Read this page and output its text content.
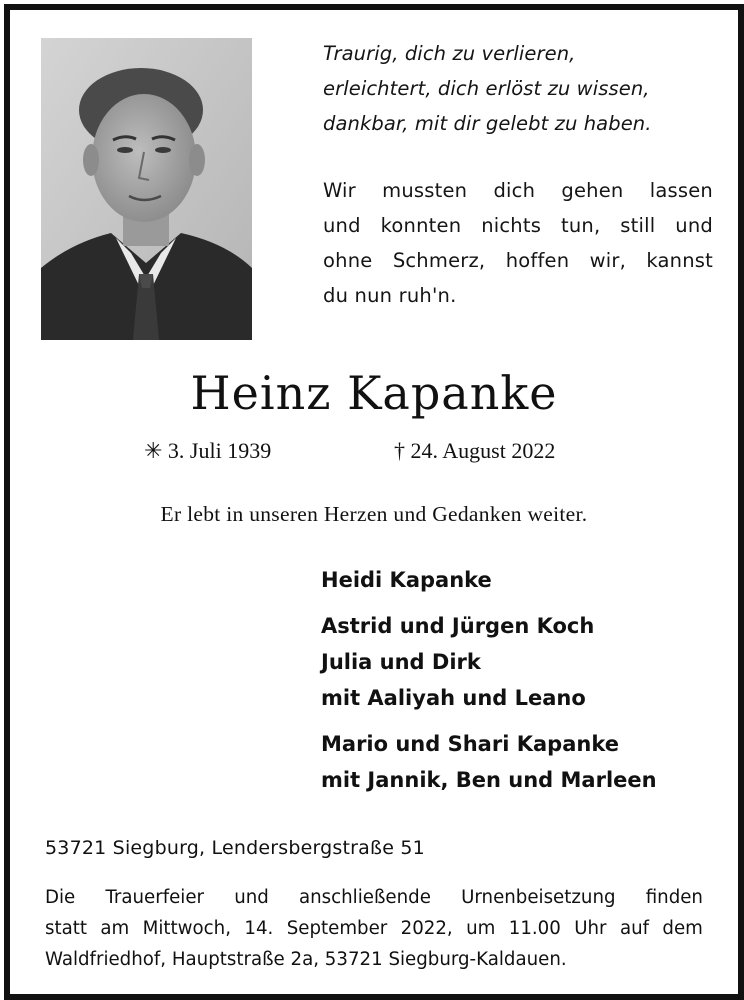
Traurig, dich zu verlieren,
erleichtert, dich erlöst zu wissen,
dankbar, mit dir gelebt zu haben.
Wir mussten dich gehen lassen
und konnten nichts tun, still und
ohne Schmerz, hoffen wir, kannst
du nun ruh'n.
Heinz Kapanke
✳ 3. Juli 1939	† 24. August 2022
Er lebt in unseren Herzen und Gedanken weiter.
Heidi Kapanke
Astrid und Jürgen Koch
Julia und Dirk
mit Aaliyah und Leano
Mario und Shari Kapanke
mit Jannik, Ben und Marleen
53721 Siegburg, Lendersbergstraße 51
Die Trauerfeier und anschließende Urnenbeisetzung finden
statt am Mittwoch, 14. September 2022, um 11.00 Uhr auf dem
Waldfriedhof, Hauptstraße 2a, 53721 Siegburg-Kaldauen.
